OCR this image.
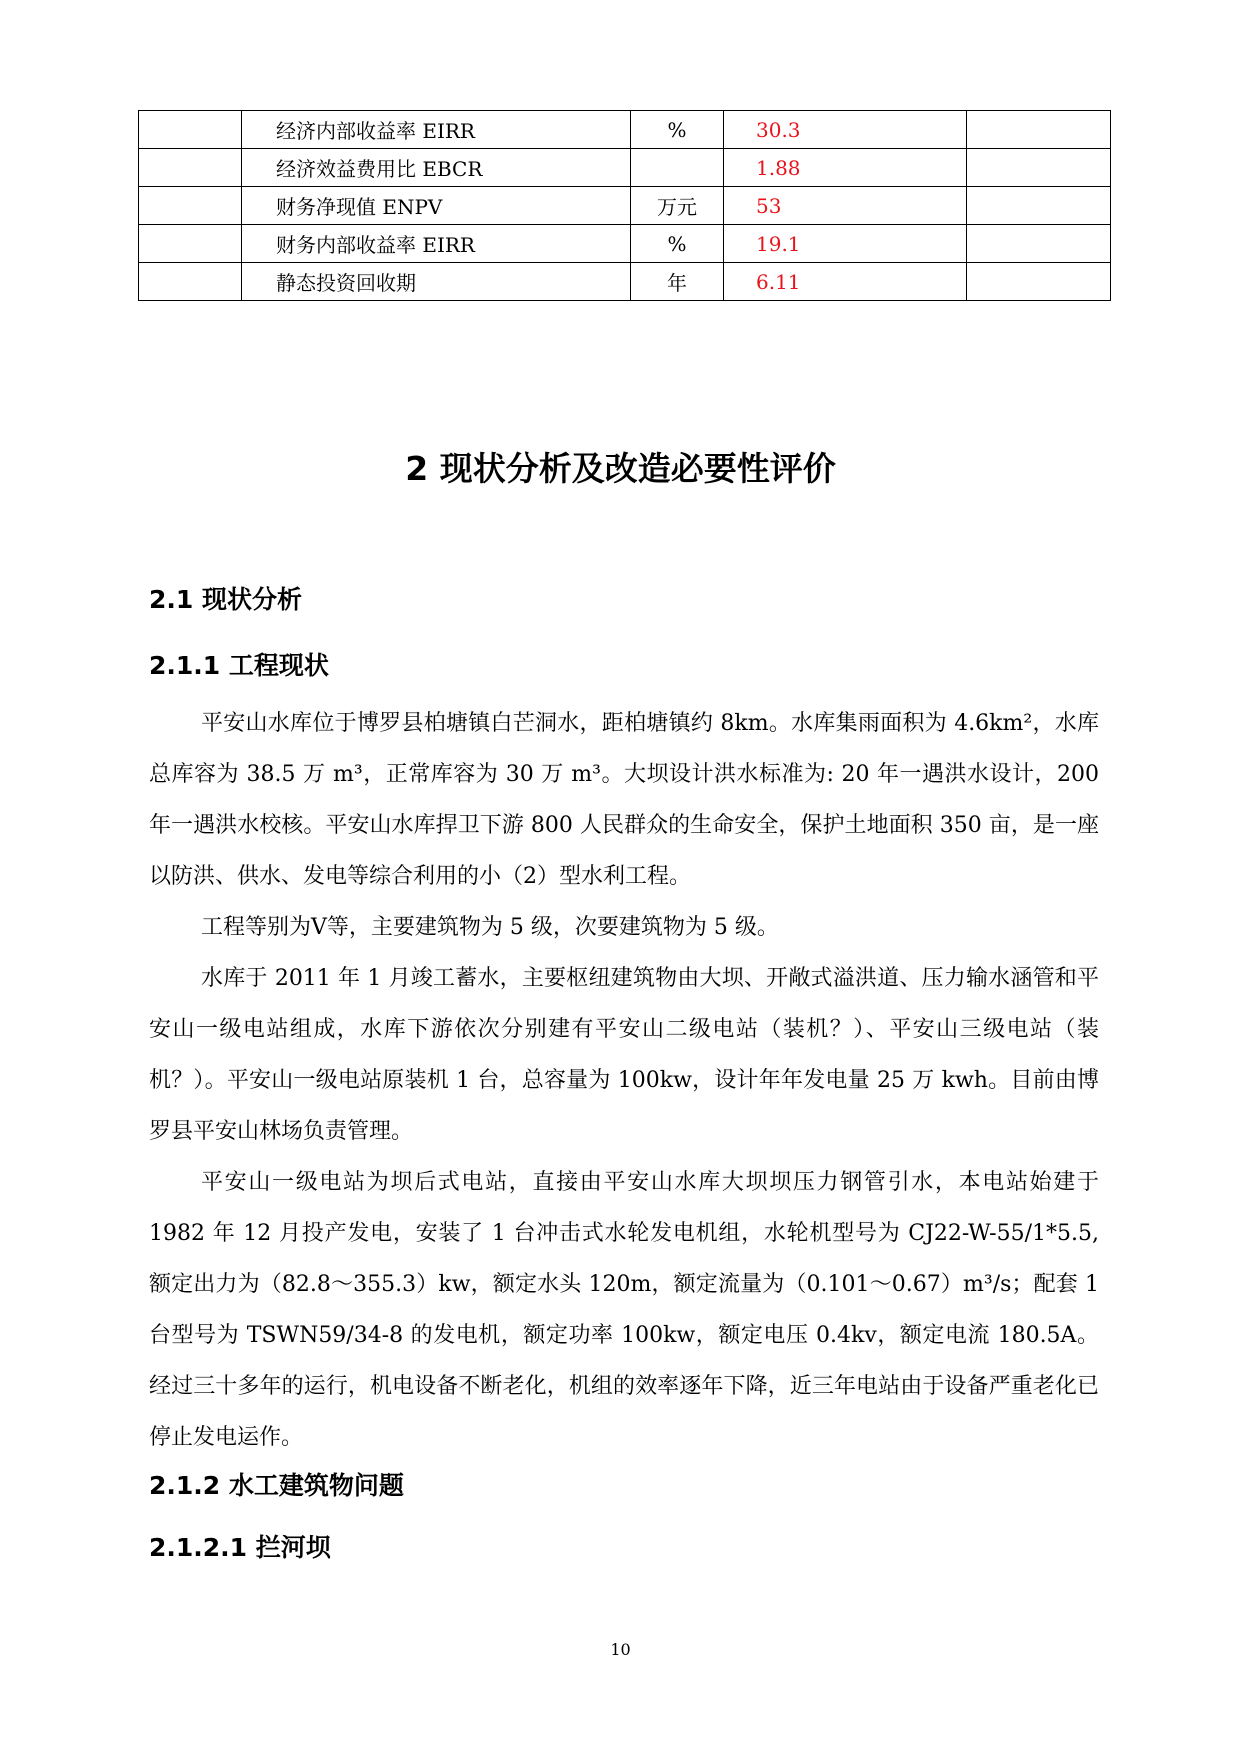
	经济内部收益率 EIRR	%	30.3	
	经济效益费用比 EBCR		1.88	
	财务净现值 ENPV	万元	53	
	财务内部收益率 EIRR	%	19.1	
	静态投资回收期	年	6.11	
2 现状分析及改造必要性评价
2.1 现状分析
2.1.1 工程现状

平安山水库位于博罗县柏塘镇白芒洞水，距柏塘镇约 8km。水库集雨面积为 4.6km²，水库总库容为 38.5 万 m³，正常库容为 30 万 m³。大坝设计洪水标准为: 20 年一遇洪水设计，200 年一遇洪水校核。平安山水库捍卫下游 800 人民群众的生命安全，保护土地面积 350 亩，是一座以防洪、供水、发电等综合利用的小（2）型水利工程。

工程等别为Ⅴ等，主要建筑物为 5 级，次要建筑物为 5 级。

水库于 2011 年 1 月竣工蓄水，主要枢纽建筑物由大坝、开敞式溢洪道、压力输水涵管和平安山一级电站组成，水库下游依次分别建有平安山二级电站（装机？）、平安山三级电站（装机？）。平安山一级电站原装机 1 台，总容量为 100kw，设计年年发电量 25 万 kwh。目前由博罗县平安山林场负责管理。

平安山一级电站为坝后式电站，直接由平安山水库大坝坝压力钢管引水，本电站始建于 1982 年 12 月投产发电，安装了 1 台冲击式水轮发电机组，水轮机型号为 CJ22-W-55/1*5.5, 额定出力为（82.8～355.3）kw，额定水头 120m，额定流量为（0.101～0.67）m³/s；配套 1 台型号为 TSWN59/34-8 的发电机，额定功率 100kw，额定电压 0.4kv，额定电流 180.5A。经过三十多年的运行，机电设备不断老化，机组的效率逐年下降，近三年电站由于设备严重老化已停止发电运作。

2.1.2 水工建筑物问题
2.1.2.1 拦河坝
10
